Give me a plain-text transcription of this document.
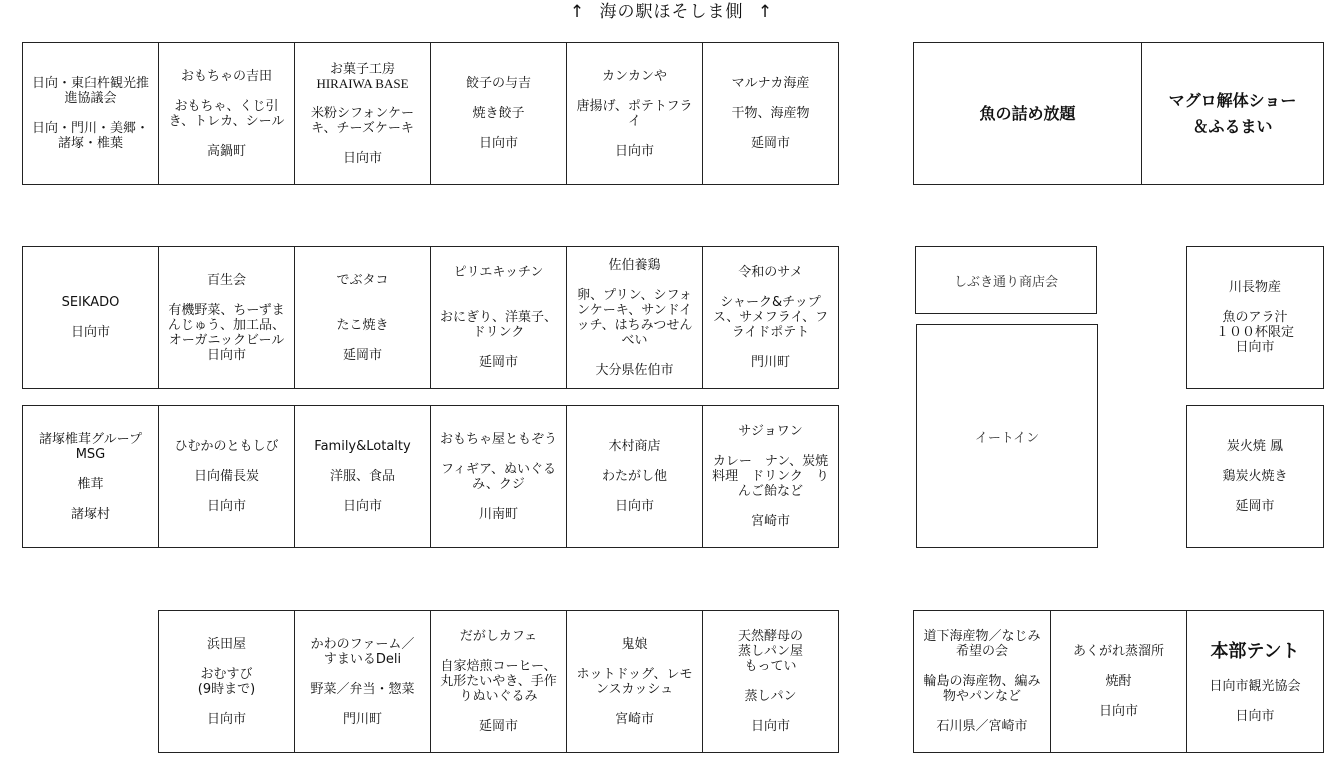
↑ 海の駅ほそしま側 ↑
日向・東臼杵観光推進協議会
日向・門川・美郷・諸塚・椎葉
おもちゃの吉田
おもちゃ、くじ引き、トレカ、シール
高鍋町
お菓子工房
HIRAIWA BASE
米粉シフォンケーキ、チーズケーキ
日向市
餃子の与吉
焼き餃子
日向市
カンカンや
唐揚げ、ポテトフライ
日向市
マルナカ海産
干物、海産物
延岡市
魚の詰め放題
マグロ解体ショー
＆ふるまい
SEIKADO
日向市
百生会
有機野菜、ちーずまんじゅう、加工品、オーガニックビール
日向市
でぶタコ
たこ焼き
延岡市
ピリエキッチン
おにぎり、洋菓子、ドリンク
延岡市
佐伯養鶏
卵、プリン、シフォンケーキ、サンドイッチ、はちみつせんべい
大分県佐伯市
令和のサメ
シャーク&チップス、サメフライ、フライドポテト
門川町
諸塚椎茸グループ
MSG
椎茸
諸塚村
ひむかのともしび
日向備長炭
日向市
Family&Lotalty
洋服、食品
日向市
おもちゃ屋ともぞう
フィギア、ぬいぐるみ、クジ
川南町
木村商店
わたがし他
日向市
サジョワン
カレー　ナン、炭焼料理　ドリンク　りんご飴など
宮崎市
しぶき通り商店会
イートイン
川長物産
魚のアラ汁
１００杯限定
日向市
炭火焼 鳳
鶏炭火焼き
延岡市
浜田屋
おむすび
(9時まで)
日向市
かわのファーム／
すまいるDeli
野菜／弁当・惣菜
門川町
だがしカフェ
自家焙煎コーヒー、丸形たいやき、手作りぬいぐるみ
延岡市
鬼娘
ホットドッグ、レモンスカッシュ
宮崎市
天然酵母の
蒸しパン屋
もってい
蒸しパン
日向市
道下海産物／なじみ希望の会
輪島の海産物、編み物やパンなど
石川県／宮崎市
あくがれ蒸溜所
焼酎
日向市
本部テント
日向市観光協会
日向市
